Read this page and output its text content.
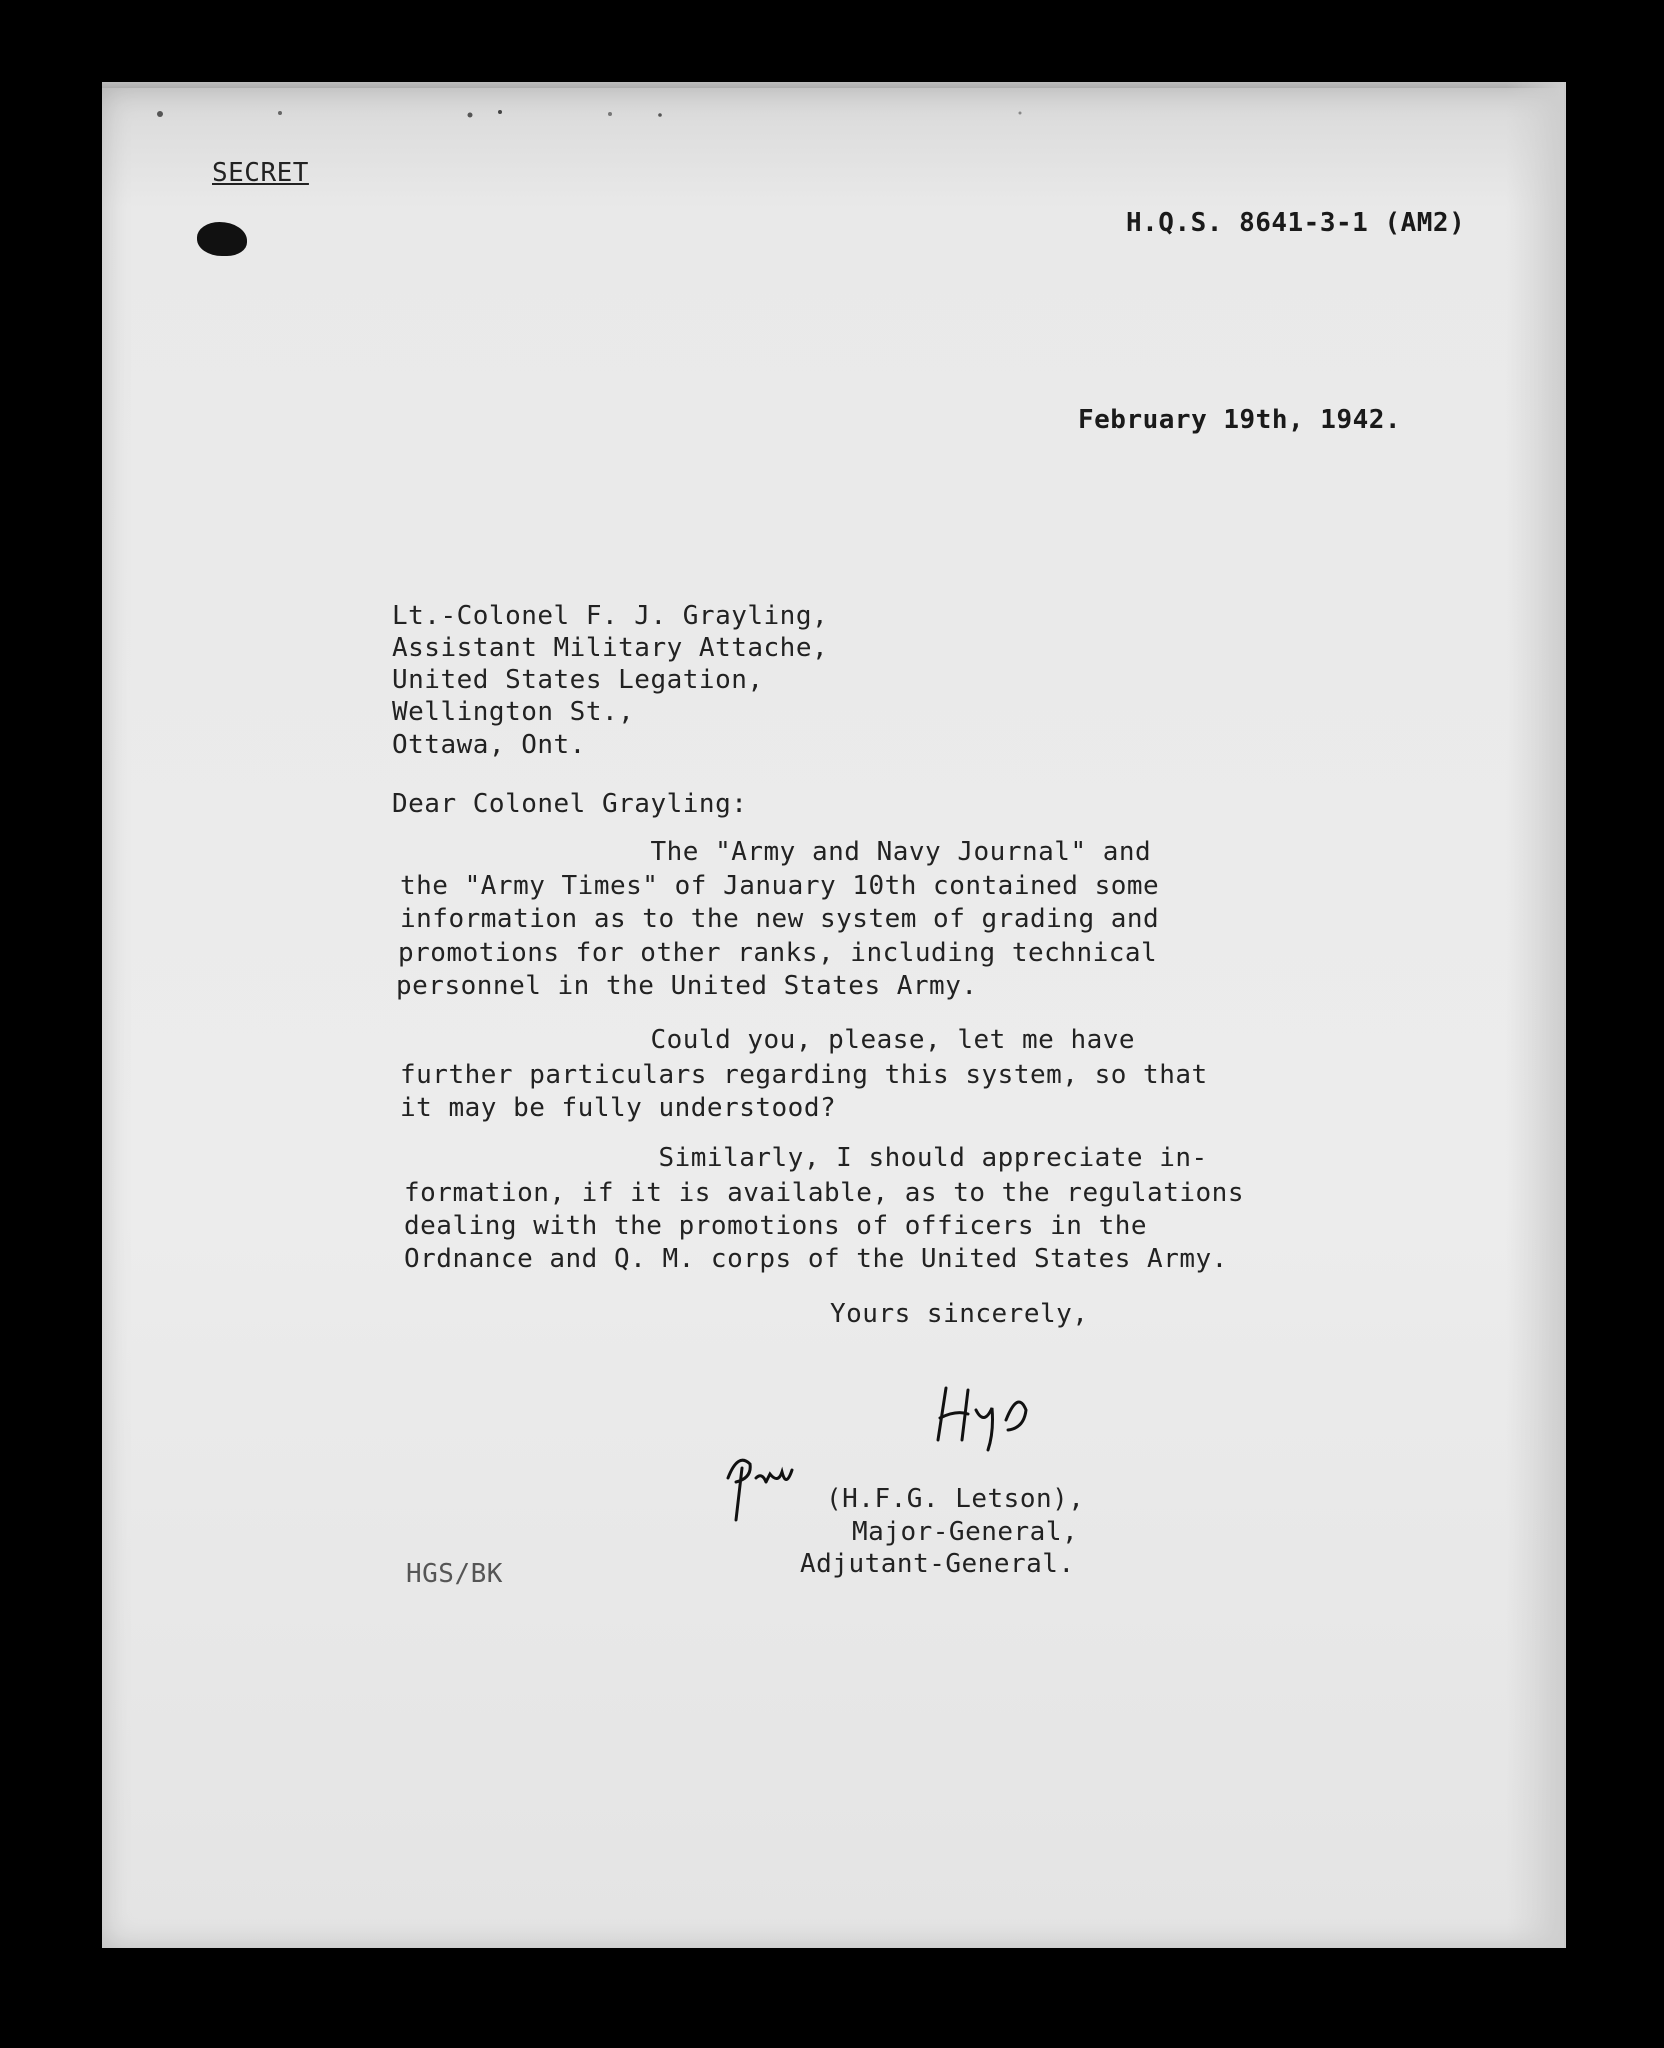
SECRET
H.Q.S. 8641-3-1 (AM2)
February 19th, 1942.
Lt.-Colonel F. J. Grayling,
Assistant Military Attache,
United States Legation,
Wellington St.,
Ottawa, Ont.
Dear Colonel Grayling:
The "Army and Navy Journal" and
the "Army Times" of January 10th contained some
information as to the new system of grading and
promotions for other ranks, including technical
personnel in the United States Army.
Could you, please, let me have
further particulars regarding this system, so that
it may be fully understood?
Similarly, I should appreciate in-
formation, if it is available, as to the regulations
dealing with the promotions of officers in the
Ordnance and Q. M. corps of the United States Army.
Yours sincerely,
(H.F.G. Letson),
Major-General,
Adjutant-General.
HGS/BK
